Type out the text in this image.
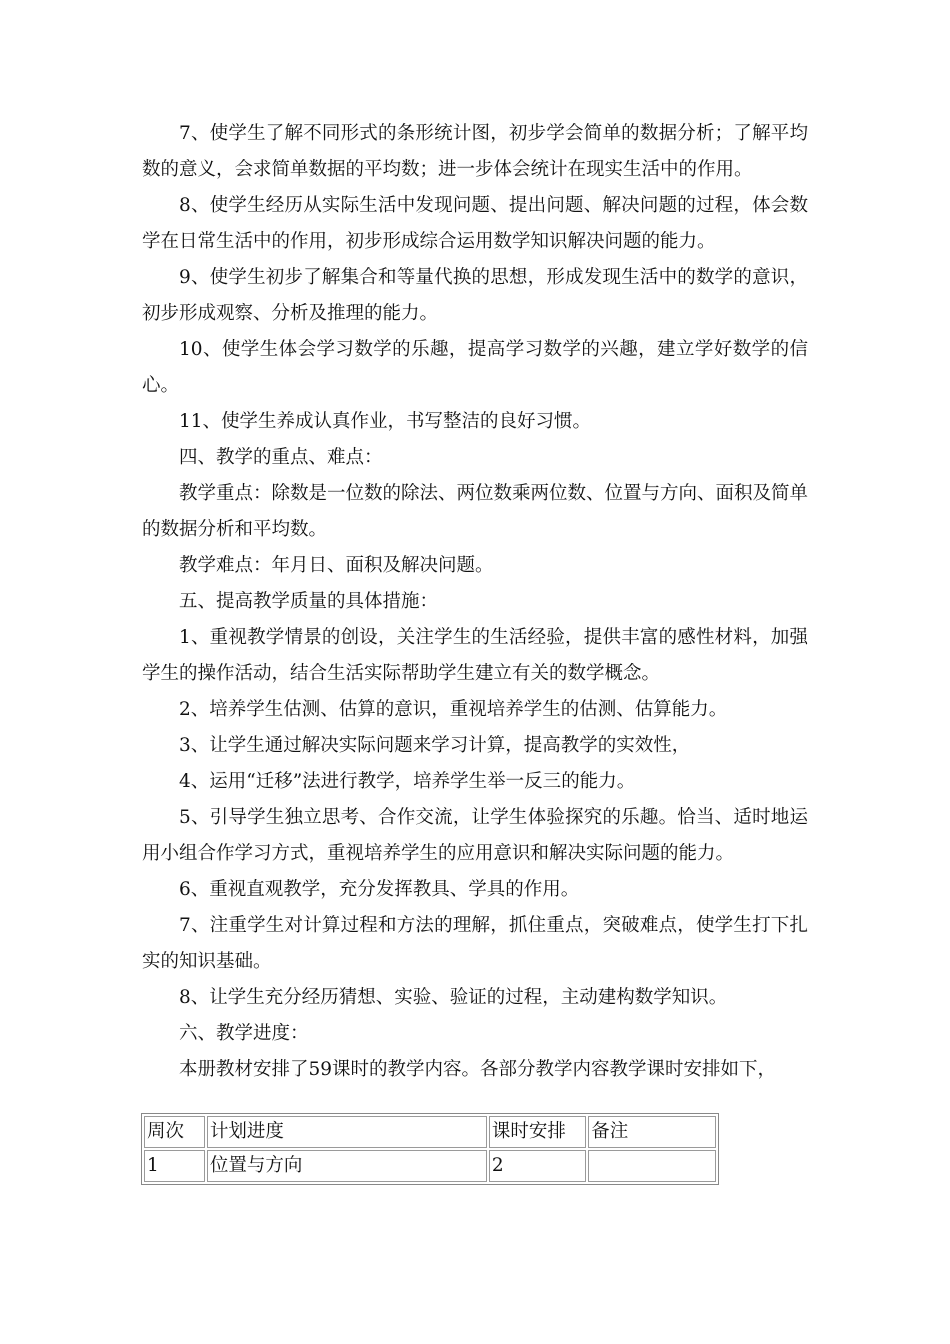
7、使学生了解不同形式的条形统计图，初步学会简单的数据分析；了解平均数的意义，会求简单数据的平均数；进一步体会统计在现实生活中的作用。

8、使学生经历从实际生活中发现问题、提出问题、解决问题的过程，体会数学在日常生活中的作用，初步形成综合运用数学知识解决问题的能力。

9、使学生初步了解集合和等量代换的思想，形成发现生活中的数学的意识，初步形成观察、分析及推理的能力。

10、使学生体会学习数学的乐趣，提高学习数学的兴趣，建立学好数学的信心。

11、使学生养成认真作业，书写整洁的良好习惯。

四、教学的重点、难点：

教学重点：除数是一位数的除法、两位数乘两位数、位置与方向、面积及简单的数据分析和平均数。

教学难点：年月日、面积及解决问题。

五、提高教学质量的具体措施：

1、重视教学情景的创设，关注学生的生活经验，提供丰富的感性材料，加强学生的操作活动，结合生活实际帮助学生建立有关的数学概念。

2、培养学生估测、估算的意识，重视培养学生的估测、估算能力。

3、让学生通过解决实际问题来学习计算，提高教学的实效性，

4、运用“迁移”法进行教学，培养学生举一反三的能力。

5、引导学生独立思考、合作交流，让学生体验探究的乐趣。恰当、适时地运用小组合作学习方式，重视培养学生的应用意识和解决实际问题的能力。

6、重视直观教学，充分发挥教具、学具的作用。

7、注重学生对计算过程和方法的理解，抓住重点，突破难点，使学生打下扎实的知识基础。

8、让学生充分经历猜想、实验、验证的过程，主动建构数学知识。

六、教学进度：

本册教材安排了59课时的教学内容。各部分教学内容教学课时安排如下，

周次	计划进度	课时安排	备注
1	位置与方向	2	
